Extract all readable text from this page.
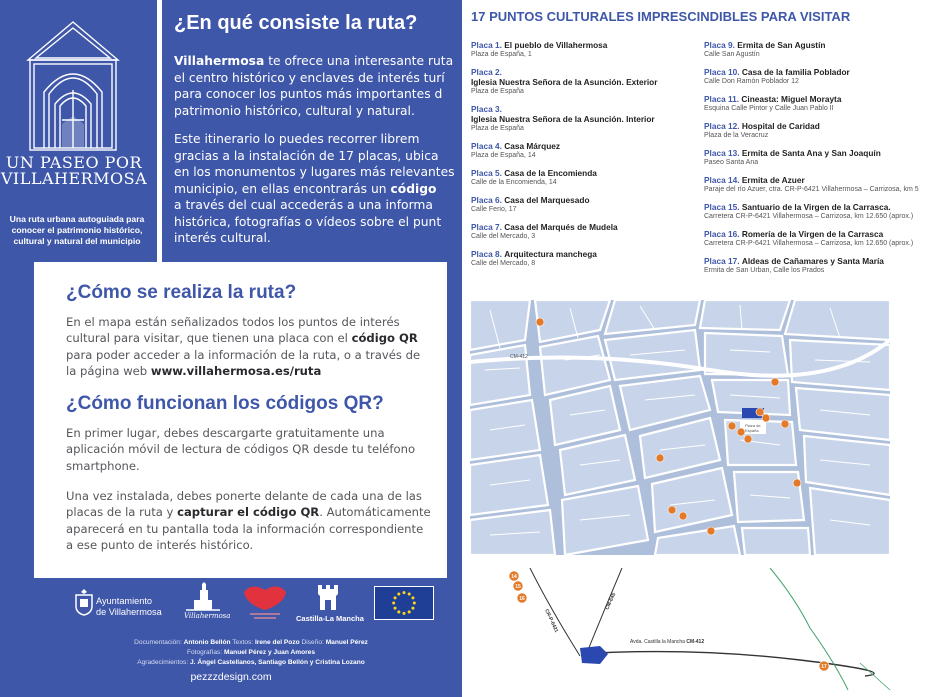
UN PASEO POR
VILLAHERMOSA
Una ruta urbana autoguiada para conocer el patrimonio histórico, cultural y natural del municipio
¿En qué consiste la ruta?

Villahermosa te ofrece una interesante ruta
el centro histórico y enclaves de interés turí
para conocer los puntos más importantes d
patrimonio histórico, cultural y natural.

Este itinerario lo puedes recorrer librem
gracias a la instalación de 17 placas, ubica
en los monumentos y lugares más relevantes
municipio, en ellas encontrarás un código
a través del cual accederás a una informa
histórica, fotografías o vídeos sobre el punt
interés cultural.

¿Cómo se realiza la ruta?
En el mapa están señalizados todos los puntos de interés
cultural para visitar, que tienen una placa con el código QR
para poder acceder a la información de la ruta, o a través de
la página web www.villahermosa.es/ruta
¿Cómo funcionan los códigos QR?
En primer lugar, debes descargarte gratuitamente una
aplicación móvil de lectura de códigos QR desde tu teléfono
smartphone.
Una vez instalada, debes ponerte delante de cada una de las
placas de la ruta y capturar el código QR. Automáticamente
aparecerá en tu pantalla toda la información correspondiente
a ese punto de interés histórico.
Ayuntamiento
de Villahermosa	Villahermosa	Castilla-La Mancha
Documentación: Antonio Bellón Textos: Irene del Pozo Diseño: Manuel Pérez
Fotografías: Manuel Pérez y Juan Amores
Agradecimientos: J. Ángel Castellanos, Santiago Bellón y Cristina Lozano
pezzzdesign.com
17 PUNTOS CULTURALES IMPRESCINDIBLES PARA VISITAR
Placa 1. El pueblo de Villahermosa
Plaza de España, 1
Placa 2.
Iglesia Nuestra Señora de la Asunción. Exterior
Plaza de España
Placa 3.
Iglesia Nuestra Señora de la Asunción. Interior
Plaza de España
Placa 4. Casa Márquez
Plaza de España, 14
Placa 5. Casa de la Encomienda
Calle de la Encomienda, 14
Placa 6. Casa del Marquesado
Calle Ferio, 17
Placa 7. Casa del Marqués de Mudela
Calle del Mercado, 3
Placa 8. Arquitectura manchega
Calle del Mercado, 8
Placa 9. Ermita de San Agustín
Calle San Agustín
Placa 10. Casa de la familia Poblador
Calle Don Ramón Poblador 12
Placa 11. Cineasta: Miguel Morayta
Esquina Calle Pintor y Calle Juan Pablo II
Placa 12. Hospital de Caridad
Plaza de la Veracruz
Placa 13. Ermita de Santa Ana y San Joaquín
Paseo Santa Ana
Placa 14. Ermita de Azuer
Paraje del río Azuer, ctra. CR-P-6421 Villahermosa – Carrizosa, km 5
Placa 15. Santuario de la Virgen de la Carrasca.
Carretera CR-P-6421 Villahermosa – Carrizosa, km 12.650 (aprox.)
Placa 16. Romería de la Virgen de la Carrasca
Carretera CR-P-6421 Villahermosa – Carrizosa, km 12.650 (aprox.)
Placa 17. Aldeas de Cañamares y Santa María
Ermita de San Urban, Calle los Prados
CM-412
Plaza de
España
CR-P-6421
CM-645
Avda. Castilla la Mancha CM-412
14
15
16
17
